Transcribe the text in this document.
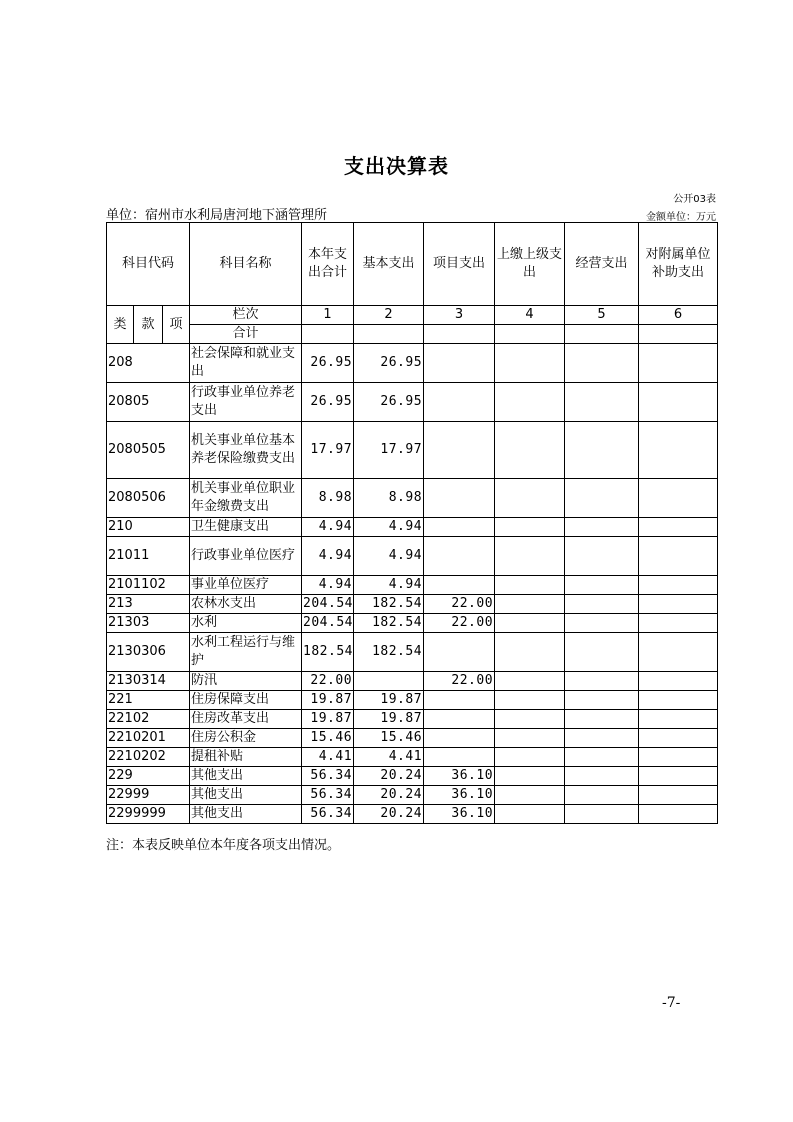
支出决算表
公开03表
单位：宿州市水利局唐河地下涵管理所	金额单位：万元
科目代码			科目名称	本年支出合计	基本支出	项目支出	上缴上级支出	经营支出	对附属单位补助支出
类	款	项	栏次	1	2	3	4	5	6
			合计						
208			社会保障和就业支出	26.95	26.95				
20805			行政事业单位养老支出	26.95	26.95				
2080505			机关事业单位基本养老保险缴费支出	17.97	17.97				
2080506			机关事业单位职业年金缴费支出	8.98	8.98				
210			卫生健康支出	4.94	4.94				
21011			行政事业单位医疗	4.94	4.94				
2101102			事业单位医疗	4.94	4.94				
213			农林水支出	204.54	182.54	22.00			
21303			水利	204.54	182.54	22.00			
2130306			水利工程运行与维护	182.54	182.54				
2130314			防汛	22.00		22.00			
221			住房保障支出	19.87	19.87				
22102			住房改革支出	19.87	19.87				
2210201			住房公积金	15.46	15.46				
2210202			提租补贴	4.41	4.41				
229			其他支出	56.34	20.24	36.10			
22999			其他支出	56.34	20.24	36.10			
2299999			其他支出	56.34	20.24	36.10			
注：本表反映单位本年度各项支出情况。
-7-
